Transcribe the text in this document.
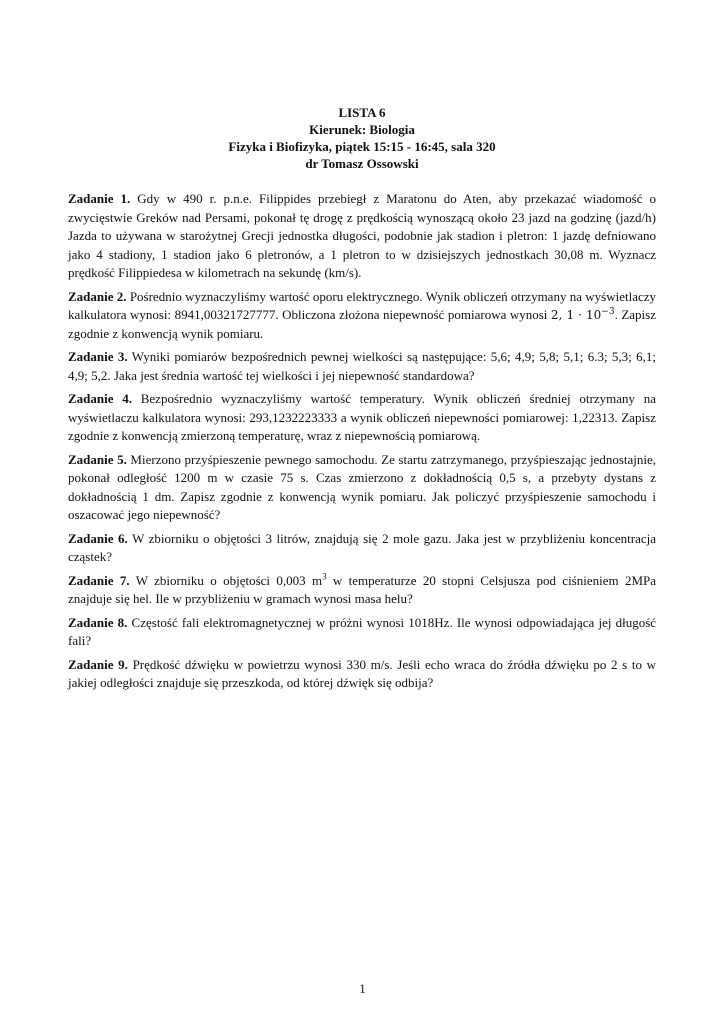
LISTA 6
Kierunek: Biologia
Fizyka i Biofizyka, piątek 15:15 - 16:45, sala 320
dr Tomasz Ossowski

Zadanie 1. Gdy w 490 r. p.n.e. Filippides przebiegł z Maratonu do Aten, aby przekazać wiadomość o zwycięstwie Greków nad Persami, pokonał tę drogę z prędkością wynoszącą około 23 jazd na godzinę (jazd/h) Jazda to używana w starożytnej Grecji jednostka długości, podobnie jak stadion i pletron: 1 jazdę defniowano jako 4 stadiony, 1 stadion jako 6 pletronów, a 1 pletron to w dzisiejszych jednostkach 30,08 m. Wyznacz prędkość Filippiedesa w kilometrach na sekundę (km/s).

Zadanie 2. Pośrednio wyznaczyliśmy wartość oporu elektrycznego. Wynik obliczeń otrzymany na wyświetlaczy kalkulatora wynosi: 8941,00321727777. Obliczona złożona niepewność pomiarowa wynosi 2, $1 \cdot 10^{-3}$. Zapisz zgodnie z konwencją wynik pomiaru.

Zadanie 3. Wyniki pomiarów bezpośrednich pewnej wielkości są następujące: 5,6; 4,9; 5,8; 5,1; 6.3; 5,3; 6,1; 4,9; 5,2. Jaka jest średnia wartość tej wielkości i jej niepewność standardowa?

Zadanie 4. Bezpośrednio wyznaczyliśmy wartość temperatury. Wynik obliczeń średniej otrzymany na wyświetlaczu kalkulatora wynosi: 293,1232223333 a wynik obliczeń niepewności pomiarowej: 1,22313. Zapisz zgodnie z konwencją zmierzoną temperaturę, wraz z niepewnością pomiarową.

Zadanie 5. Mierzono przyśpieszenie pewnego samochodu. Ze startu zatrzymanego, przyśpieszając jednostajnie, pokonał odległość 1200 m w czasie 75 s. Czas zmierzono z dokładnością 0,5 s, a przebyty dystans z dokładnością 1 dm. Zapisz zgodnie z konwencją wynik pomiaru. Jak policzyć przyśpieszenie samochodu i oszacować jego niepewność?

Zadanie 6. W zbiorniku o objętości 3 litrów, znajdują się 2 mole gazu. Jaka jest w przybliżeniu koncentracja cząstek?

Zadanie 7. W zbiorniku o objętości 0,003 $m^3$ w temperaturze 20 stopni Celsjusza pod ciśnieniem 2MPa znajduje się hel. Ile w przybliżeniu w gramach wynosi masa helu?

Zadanie 8. Częstość fali elektromagnetycznej w próżni wynosi 1018Hz. Ile wynosi odpowiadająca jej długość fali?

Zadanie 9. Prędkość dźwięku w powietrzu wynosi 330 m/s. Jeśli echo wraca do źródła dźwięku po 2 s to w jakiej odległości znajduje się przeszkoda, od której dźwięk się odbija?

1
